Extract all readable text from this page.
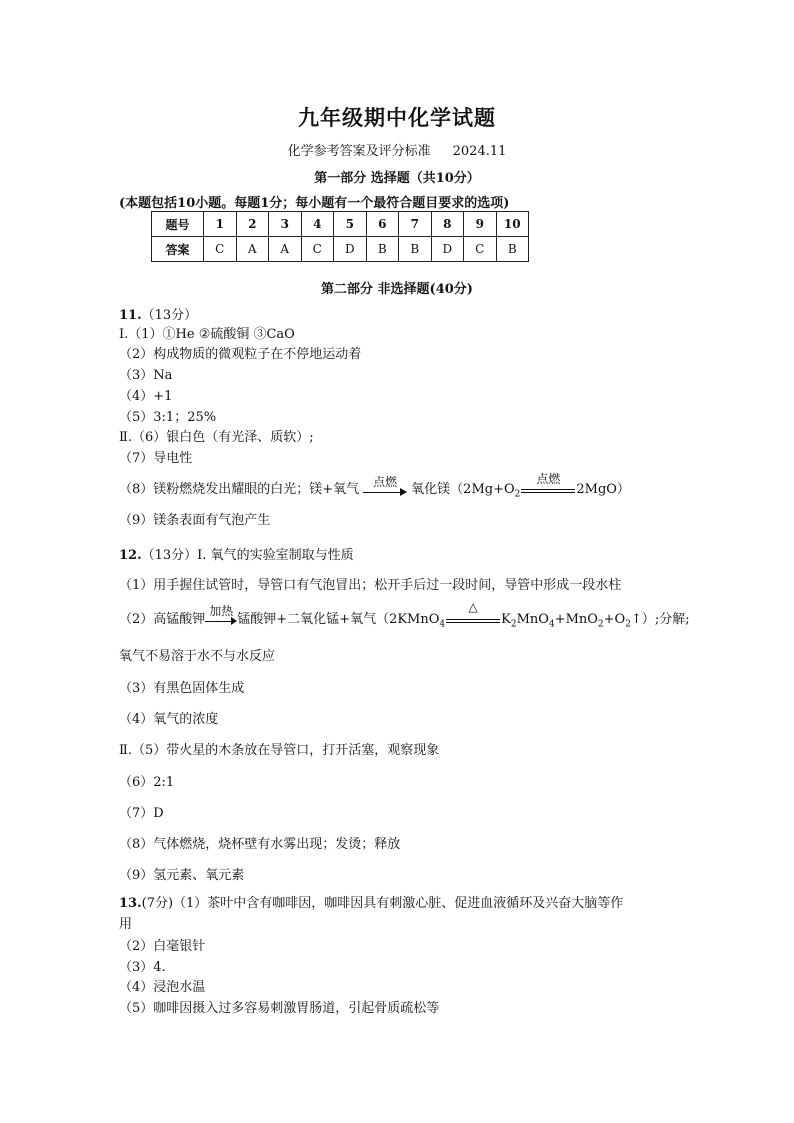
九年级期中化学试题
化学参考答案及评分标准 2024.11
第一部分 选择题（共10分）
(本题包括10小题。每题1分；每小题有一个最符合题目要求的选项)
题号	1	2	3	4	5	6	7	8	9	10
答案	C	A	A	C	D	B	B	D	C	B
第二部分 非选择题(40分)
11.（13分）
Ⅰ.（1）①He ②硫酸铜 ③CaO
（2）构成物质的微观粒子在不停地运动着
（3）Na
（4）+1
（5）3:1；25%
Ⅱ.（6）银白色（有光泽、质软）;
（7）导电性
（8）镁粉燃烧发出耀眼的白光；镁+氧气
点燃
氧化镁（$2Mg+O_2$
点燃
2MgO）
（9）镁条表面有气泡产生
12.（13分）Ⅰ. 氧气的实验室制取与性质
（1）用手握住试管时，导管口有气泡冒出；松开手后过一段时间，导管中形成一段水柱
（2）高锰酸钾
加热
锰酸钾+二氧化锰+氧气（2KMnO$_4$
△
$K_2MnO_4+MnO_2+O_2↑$）;分解;
氧气不易溶于水不与水反应
（3）有黑色固体生成
（4）氧气的浓度
Ⅱ.（5）带火星的木条放在导管口，打开活塞，观察现象
（6）2:1
（7）D
（8）气体燃烧，烧杯壁有水雾出现；发烫；释放
（9）氢元素、氧元素
13.(7分)（1）茶叶中含有咖啡因，咖啡因具有刺激心脏、促进血液循环及兴奋大脑等作
用
（2）白毫银针
（3）4.
（4）浸泡水温
（5）咖啡因摄入过多容易刺激胃肠道，引起骨质疏松等
